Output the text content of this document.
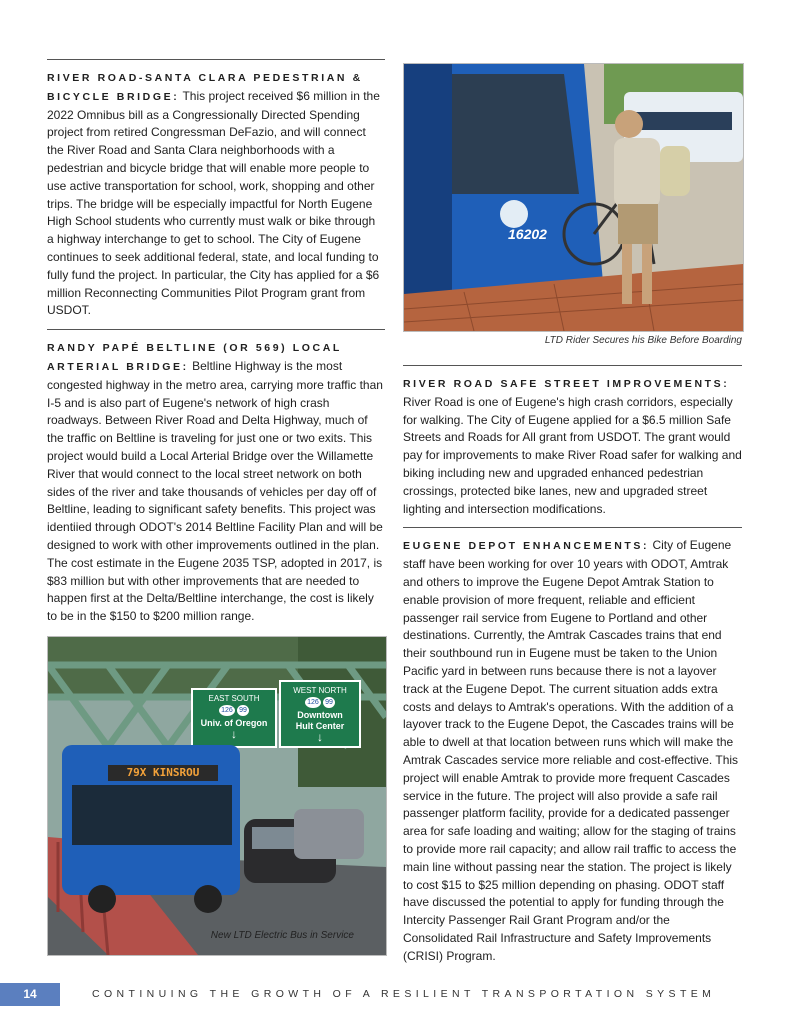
RIVER ROAD-SANTA CLARA PEDESTRIAN & BICYCLE BRIDGE: This project received $6 million in the 2022 Omnibus bill as a Congressionally Directed Spending project from retired Congressman DeFazio, and will connect the River Road and Santa Clara neighborhoods with a pedestrian and bicycle bridge that will enable more people to use active transportation for school, work, shopping and other trips. The bridge will be especially impactful for North Eugene High School students who currently must walk or bike through a highway interchange to get to school. The City of Eugene continues to seek additional federal, state, and local funding to fully fund the project. In particular, the City has applied for a $6 million Reconnecting Communities Pilot Program grant from USDOT.

RANDY PAPÉ BELTLINE (OR 569) LOCAL ARTERIAL BRIDGE: Beltline Highway is the most congested highway in the metro area, carrying more traffic than I-5 and is also part of Eugene's network of high crash roadways. Between River Road and Delta Highway, much of the traffic on Beltline is traveling for just one or two exits. This project would build a Local Arterial Bridge over the Willamette River that would connect to the local street network on both sides of the river and take thousands of vehicles per day off of Beltline, leading to significant safety benefits. This project was identiied through ODOT's 2014 Beltline Facility Plan and will be designed to work with other improvements outlined in the plan. The cost estimate in the Eugene 2035 TSP, adopted in 2017, is $83 million but with other improvements that are needed to happen first at the Delta/Beltline interchange, the cost is likely to be in the $150 to $200 million range.

EAST SOUTH
126 99
Univ. of Oregon
↓
WEST NORTH
126 99
Downtown
Hult Center
↓
79X KINSROU
New LTD Electric Bus in Service
16202
LTD Rider Secures his Bike Before Boarding

RIVER ROAD SAFE STREET IMPROVEMENTS: River Road is one of Eugene's high crash corridors, especially for walking. The City of Eugene applied for a $6.5 million Safe Streets and Roads for All grant from USDOT. The grant would pay for improvements to make River Road safer for walking and biking including new and upgraded enhanced pedestrian crossings, protected bike lanes, new and upgraded street lighting and intersection modifications.

EUGENE DEPOT ENHANCEMENTS: City of Eugene staff have been working for over 10 years with ODOT, Amtrak and others to improve the Eugene Depot Amtrak Station to enable provision of more frequent, reliable and efficient passenger rail service from Eugene to Portland and other destinations. Currently, the Amtrak Cascades trains that end their southbound run in Eugene must be taken to the Union Pacific yard in between runs because there is not a layover track at the Eugene Depot. The current situation adds extra costs and delays to Amtrak's operations. With the addition of a layover track to the Eugene Depot, the Cascades trains will be able to dwell at that location between runs which will make the Amtrak Cascades service more reliable and cost-effective. This project will enable Amtrak to provide more frequent Cascades service in the future. The project will also provide a safe rail passenger platform facility, provide for a dedicated passenger area for safe loading and waiting; allow for the staging of trains to provide more rail capacity; and allow rail traffic to access the main line without passing near the station. The project is likely to cost $15 to $25 million depending on phasing. ODOT staff have discussed the potential to apply for funding through the Intercity Passenger Rail Grant Program and/or the Consolidated Rail Infrastructure and Safety Improvements (CRISI) Program.

14	CONTINUING THE GROWTH OF A RESILIENT TRANSPORTATION SYSTEM
